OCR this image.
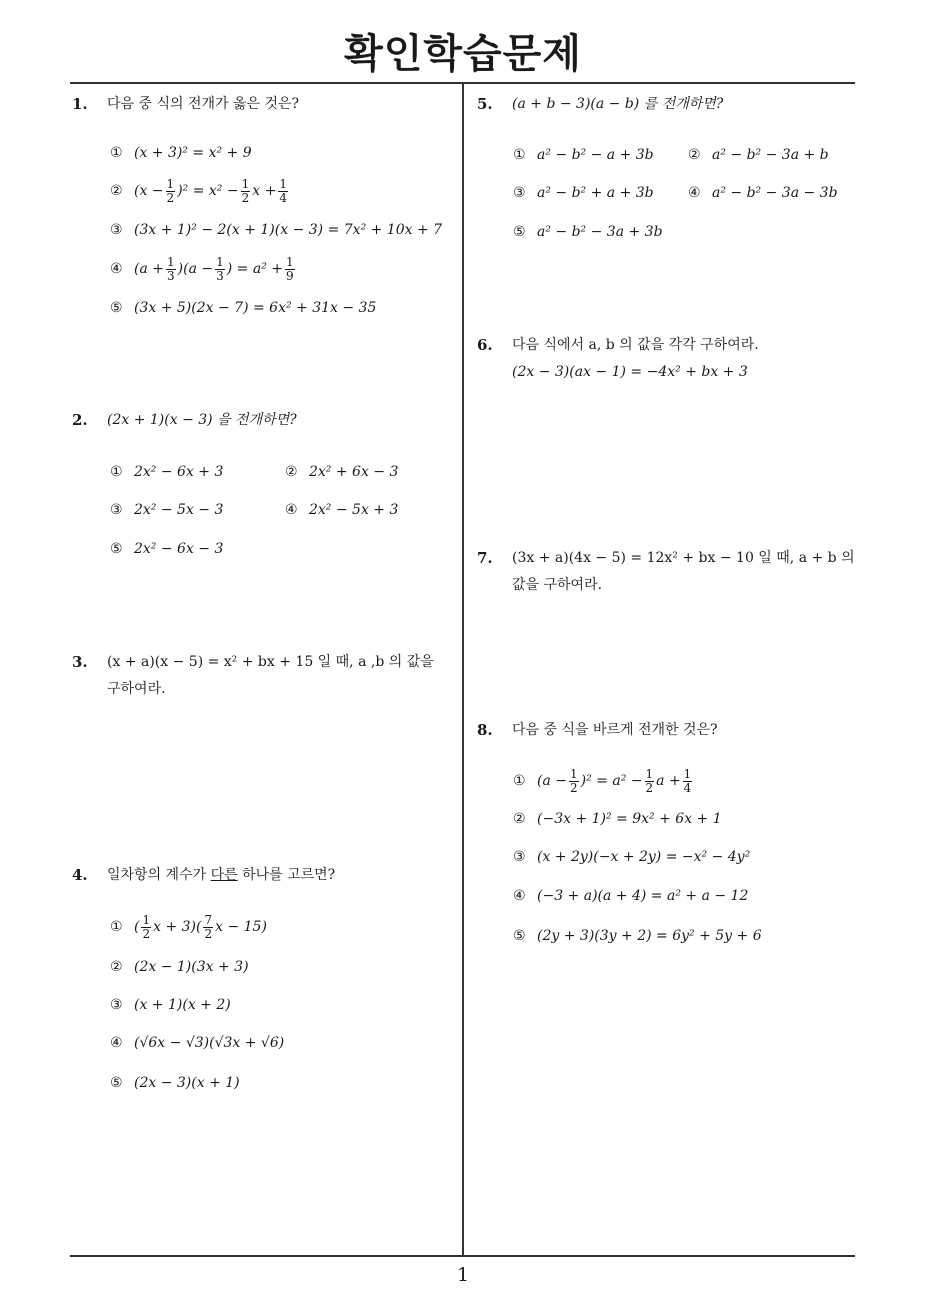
확인학습문제
1
1. 다음 중 식의 전개가 옳은 것은?
① (x + 3)² = x² + 9
② $(x - \frac{1}{2} )^2 = x^2 - \frac{1}{2}$ $x + \frac{1}{4}$
③ (3x + 1)² − 2(x + 1)(x − 3) = 7x² + 10x + 7
④ $(a + \frac{1}{3} )(a - \frac{1}{3}$ ) = $a^2 + \frac{1}{9}$
⑤ (3x + 5)(2x − 7) = 6x² + 31x − 35
2. (2x + 1)(x − 3) 을 전개하면?
① 2x² − 6x + 3	② 2x² + 6x − 3
③ 2x² − 5x − 3	④ 2x² − 5x + 3
⑤ 2x² − 6x − 3
3. (x + a)(x − 5) = x² + bx + 15 일 때, a ,b 의 값을
구하여라.
4. 일차항의 계수가 다른 하나를 고르면?
① ( $\frac{1}{2}$ $x + 3)( \frac{7}{2}$ x − 15)
② (2x − 1)(3x + 3)
③ (x + 1)(x + 2)
④ (√6x − √3)(√3x + √6)
⑤ (2x − 3)(x + 1)
5. (a + b − 3)(a − b) 를 전개하면?
① a² − b² − a + 3b ② a² − b² − 3a + b
③ a² − b² + a + 3b ④ a² − b² − 3a − 3b
⑤ a² − b² − 3a + 3b
6. 다음 식에서 a, b 의 값을 각각 구하여라.
(2x − 3)(ax − 1) = −4x² + bx + 3
7. (3x + a)(4x − 5) = 12x² + bx − 10 일 때, a + b 의
값을 구하여라.
8. 다음 중 식을 바르게 전개한 것은?
① $(a - \frac{1}{2} )^2 = a^2 - \frac{1}{2}$ $a + \frac{1}{4}$
② (−3x + 1)² = 9x² + 6x + 1
③ (x + 2y)(−x + 2y) = −x² − 4y²
④ (−3 + a)(a + 4) = a² + a − 12
⑤ (2y + 3)(3y + 2) = 6y² + 5y + 6
